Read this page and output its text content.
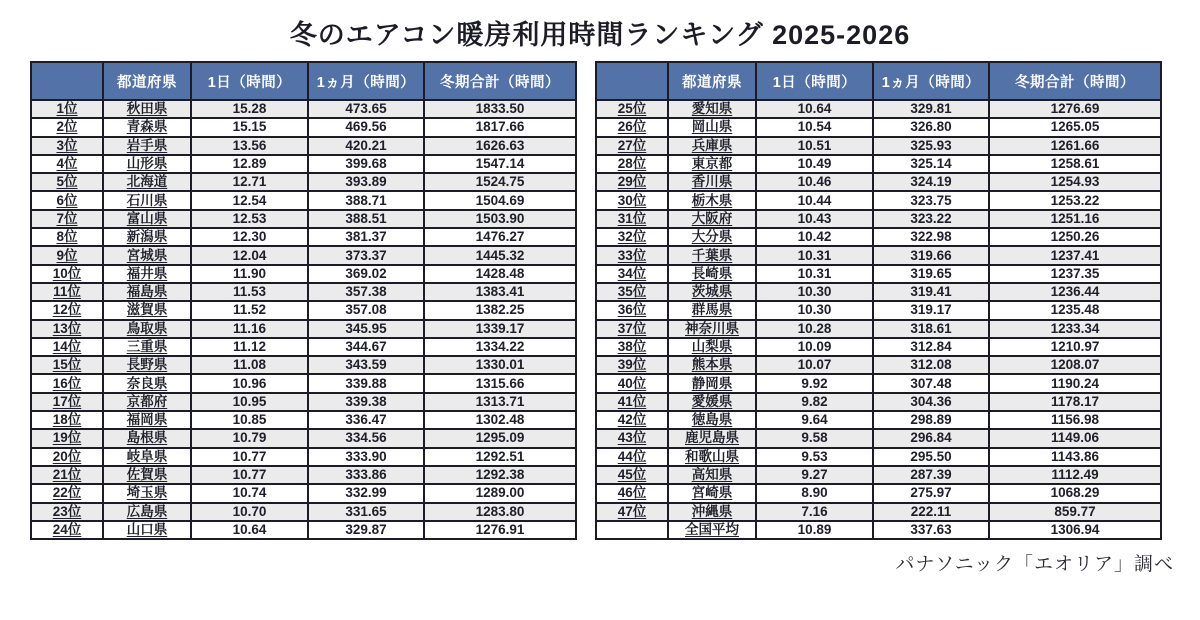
冬のエアコン暖房利用時間ランキング 2025-2026
	都道府県	1日（時間）	1ヵ月（時間）	冬期合計（時間）
1位	秋田県	15.28	473.65	1833.50
2位	青森県	15.15	469.56	1817.66
3位	岩手県	13.56	420.21	1626.63
4位	山形県	12.89	399.68	1547.14
5位	北海道	12.71	393.89	1524.75
6位	石川県	12.54	388.71	1504.69
7位	富山県	12.53	388.51	1503.90
8位	新潟県	12.30	381.37	1476.27
9位	宮城県	12.04	373.37	1445.32
10位	福井県	11.90	369.02	1428.48
11位	福島県	11.53	357.38	1383.41
12位	滋賀県	11.52	357.08	1382.25
13位	鳥取県	11.16	345.95	1339.17
14位	三重県	11.12	344.67	1334.22
15位	長野県	11.08	343.59	1330.01
16位	奈良県	10.96	339.88	1315.66
17位	京都府	10.95	339.38	1313.71
18位	福岡県	10.85	336.47	1302.48
19位	島根県	10.79	334.56	1295.09
20位	岐阜県	10.77	333.90	1292.51
21位	佐賀県	10.77	333.86	1292.38
22位	埼玉県	10.74	332.99	1289.00
23位	広島県	10.70	331.65	1283.80
24位	山口県	10.64	329.87	1276.91
	都道府県	1日（時間）	1ヵ月（時間）	冬期合計（時間）
25位	愛知県	10.64	329.81	1276.69
26位	岡山県	10.54	326.80	1265.05
27位	兵庫県	10.51	325.93	1261.66
28位	東京都	10.49	325.14	1258.61
29位	香川県	10.46	324.19	1254.93
30位	栃木県	10.44	323.75	1253.22
31位	大阪府	10.43	323.22	1251.16
32位	大分県	10.42	322.98	1250.26
33位	千葉県	10.31	319.66	1237.41
34位	長崎県	10.31	319.65	1237.35
35位	茨城県	10.30	319.41	1236.44
36位	群馬県	10.30	319.17	1235.48
37位	神奈川県	10.28	318.61	1233.34
38位	山梨県	10.09	312.84	1210.97
39位	熊本県	10.07	312.08	1208.07
40位	静岡県	9.92	307.48	1190.24
41位	愛媛県	9.82	304.36	1178.17
42位	徳島県	9.64	298.89	1156.98
43位	鹿児島県	9.58	296.84	1149.06
44位	和歌山県	9.53	295.50	1143.86
45位	高知県	9.27	287.39	1112.49
46位	宮崎県	8.90	275.97	1068.29
47位	沖縄県	7.16	222.11	859.77
	全国平均	10.89	337.63	1306.94
パナソニック「エオリア」調べ
